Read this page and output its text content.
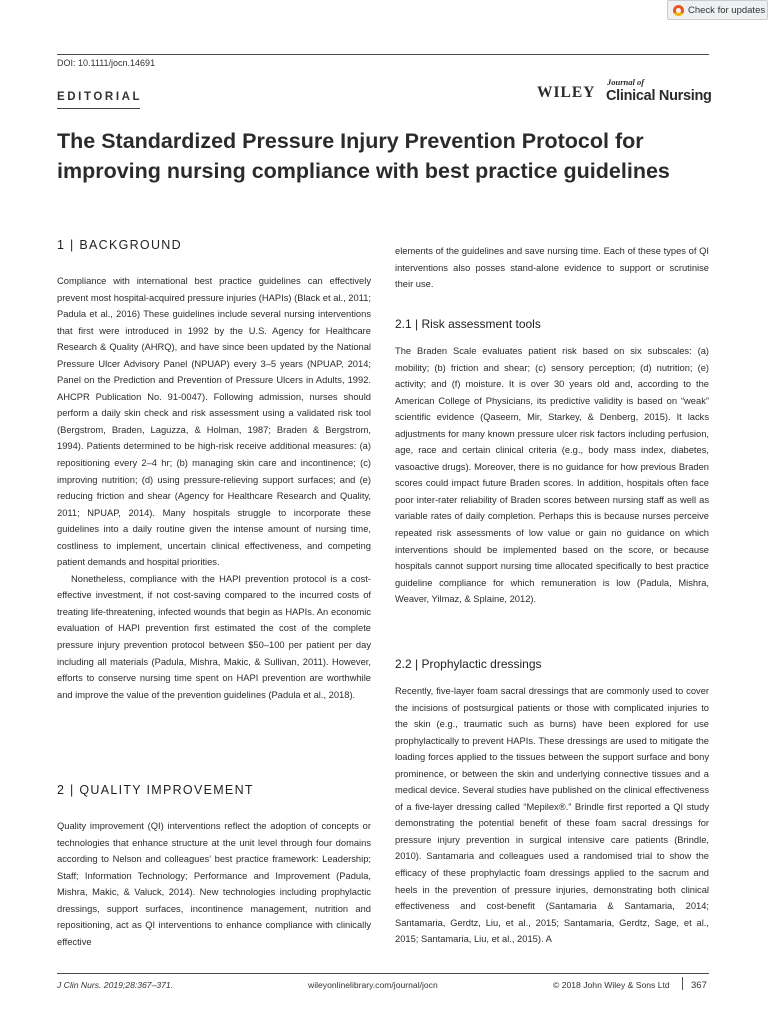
Check for updates
DOI: 10.1111/jocn.14691
EDITORIAL	WILEY
Journal of
Clinical Nursing
The Standardized Pressure Injury Prevention Protocol for improving nursing compliance with best practice guidelines
1 | BACKGROUND
2 | QUALITY IMPROVEMENT

Compliance with international best practice guidelines can effectively prevent most hospital-acquired pressure injuries (HAPIs) (Black et al., 2011; Padula et al., 2016) These guidelines include several nursing interventions that first were introduced in 1992 by the U.S. Agency for Healthcare Research & Quality (AHRQ), and have since been updated by the National Pressure Ulcer Advisory Panel (NPUAP) every 3–5 years (NPUAP, 2014; Panel on the Prediction and Prevention of Pressure Ulcers in Adults, 1992. AHCPR Publication No. 91-0047). Following admission, nurses should perform a daily skin check and risk assessment using a validated risk tool (Bergstrom, Braden, Laguzza, & Holman, 1987; Braden & Bergstrom, 1994). Patients determined to be high-risk receive additional measures: (a) repositioning every 2–4 hr; (b) managing skin care and incontinence; (c) improving nutrition; (d) using pressure-relieving support surfaces; and (e) reducing friction and shear (Agency for Healthcare Research and Quality, 2011; NPUAP, 2014). Many hospitals struggle to incorporate these guidelines into a daily routine given the intense amount of nursing time, costliness to implement, uncertain clinical effectiveness, and competing patient demands and hospital priorities.

Nonetheless, compliance with the HAPI prevention protocol is a cost-effective investment, if not cost-saving compared to the incurred costs of treating life-threatening, infected wounds that begin as HAPIs. An economic evaluation of HAPI prevention first estimated the cost of the complete pressure injury prevention protocol between $50–100 per patient per day including all materials (Padula, Mishra, Makic, & Sullivan, 2011). However, efforts to conserve nursing time spent on HAPI prevention are worthwhile and improve the value of the prevention guidelines (Padula et al., 2018).

Quality improvement (QI) interventions reflect the adoption of concepts or technologies that enhance structure at the unit level through four domains according to Nelson and colleagues' best practice framework: Leadership; Staff; Information Technology; Performance and Improvement (Padula, Mishra, Makic, & Valuck, 2014). New technologies including prophylactic dressings, support surfaces, incontinence management, nutrition and repositioning, act as QI interventions to enhance compliance with clinically effective

elements of the guidelines and save nursing time. Each of these types of QI interventions also posses stand-alone evidence to support or scrutinise their use.

2.1 | Risk assessment tools

The Braden Scale evaluates patient risk based on six subscales: (a) mobility; (b) friction and shear; (c) sensory perception; (d) nutrition; (e) activity; and (f) moisture. It is over 30 years old and, according to the American College of Physicians, its predictive validity is based on “weak” scientific evidence (Qaseem, Mir, Starkey, & Denberg, 2015). It lacks adjustments for many known pressure ulcer risk factors including perfusion, age, race and certain clinical criteria (e.g., body mass index, diabetes, vasoactive drugs). Moreover, there is no guidance for how previous Braden scores could impact future Braden scores. In addition, hospitals often face poor inter-rater reliability of Braden scores between nursing staff as well as variable rates of daily completion. Perhaps this is because nurses perceive repeated risk assessments of low value or gain no guidance on which interventions should be implemented based on the score, or because hospitals cannot support nursing time allocated specifically to best practice guideline compliance for which remuneration is low (Padula, Mishra, Weaver, Yilmaz, & Splaine, 2012).

2.2 | Prophylactic dressings

Recently, five-layer foam sacral dressings that are commonly used to cover the incisions of postsurgical patients or those with complicated injuries to the skin (e.g., traumatic such as burns) have been explored for use prophylactically to prevent HAPIs. These dressings are used to mitigate the loading forces applied to the tissues between the support surface and bony prominence, or between the skin and underlying connective tissues and a medical device. Several studies have published on the clinical effectiveness of a five-layer dressing called “Mepilex®.” Brindle first reported a QI study demonstrating the potential benefit of these foam sacral dressings for pressure injury prevention in surgical intensive care patients (Brindle, 2010). Santamaria and colleagues used a randomised trial to show the efficacy of these prophylactic foam dressings applied to the sacrum and heels in the prevention of pressure injuries, demonstrating both clinical effectiveness and cost-benefit (Santamaria & Santamaria, 2014; Santamaria, Gerdtz, Liu, et al., 2015; Santamaria, Gerdtz, Sage, et al., 2015; Santamaria, Liu, et al., 2015). A

J Clin Nurs. 2019;28:367–371.	wileyonlinelibrary.com/journal/jocn	© 2018 John Wiley & Sons Ltd 367
